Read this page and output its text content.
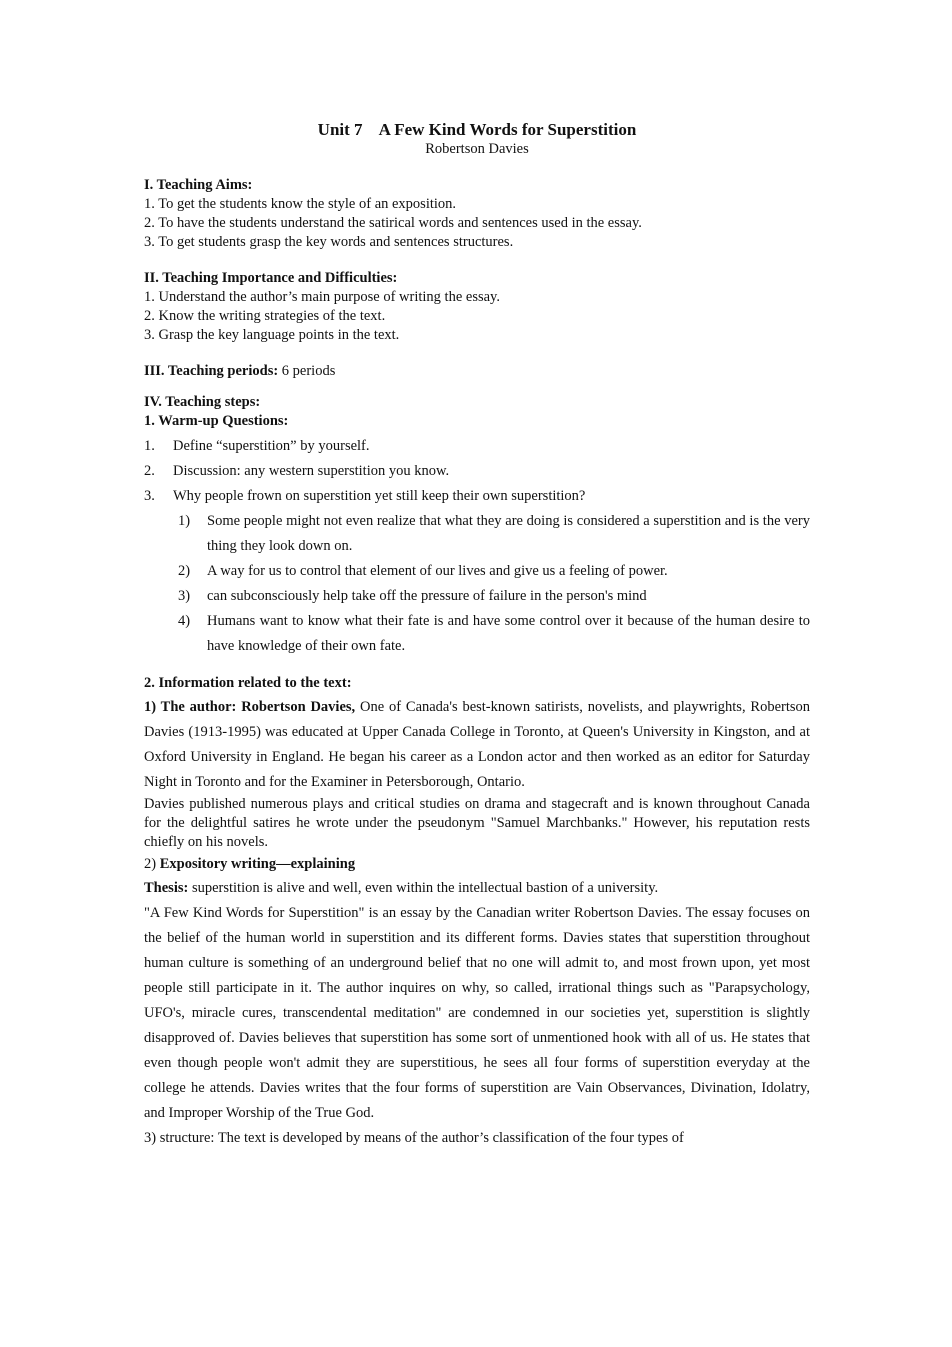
Unit 7    A Few Kind Words for Superstition
Robertson Davies
I. Teaching Aims:
1. To get the students know the style of an exposition.
2. To have the students understand the satirical words and sentences used in the essay.
3. To get students grasp the key words and sentences structures.
II. Teaching Importance and Difficulties:
1. Understand the author’s main purpose of writing the essay.
2. Know the writing strategies of the text.
3. Grasp the key language points in the text.
III. Teaching periods: 6 periods
IV. Teaching steps:
1. Warm-up Questions:
1. Define “superstition” by yourself.
2. Discussion: any western superstition you know.
3. Why people frown on superstition yet still keep their own superstition?
1) Some people might not even realize that what they are doing is considered a superstition and is the very thing they look down on.
2) A way for us to control that element of our lives and give us a feeling of power.
3) can subconsciously help take off the pressure of failure in the person's mind
4) Humans want to know what their fate is and have some control over it because of the human desire to have knowledge of their own fate.
2. Information related to the text:

1) The author: Robertson Davies, One of Canada's best-known satirists, novelists, and playwrights, Robertson Davies (1913-1995) was educated at Upper Canada College in Toronto, at Queen's University in Kingston, and at Oxford University in England. He began his career as a London actor and then worked as an editor for Saturday Night in Toronto and for the Examiner in Petersborough, Ontario.

Davies published numerous plays and critical studies on drama and stagecraft and is known throughout Canada for the delightful satires he wrote under the pseudonym "Samuel Marchbanks." However, his reputation rests chiefly on his novels.

2) Expository writing—explaining

Thesis: superstition is alive and well, even within the intellectual bastion of a university.

"A Few Kind Words for Superstition" is an essay by the Canadian writer Robertson Davies. The essay focuses on the belief of the human world in superstition and its different forms. Davies states that superstition throughout human culture is something of an underground belief that no one will admit to, and most frown upon, yet most people still participate in it. The author inquires on why, so called, irrational things such as "Parapsychology, UFO's, miracle cures, transcendental meditation" are condemned in our societies yet, superstition is slightly disapproved of. Davies believes that superstition has some sort of unmentioned hook with all of us. He states that even though people won't admit they are superstitious, he sees all four forms of superstition everyday at the college he attends. Davies writes that the four forms of superstition are Vain Observances, Divination, Idolatry, and Improper Worship of the True God.

3) structure: The text is developed by means of the author’s classification of the four types of
